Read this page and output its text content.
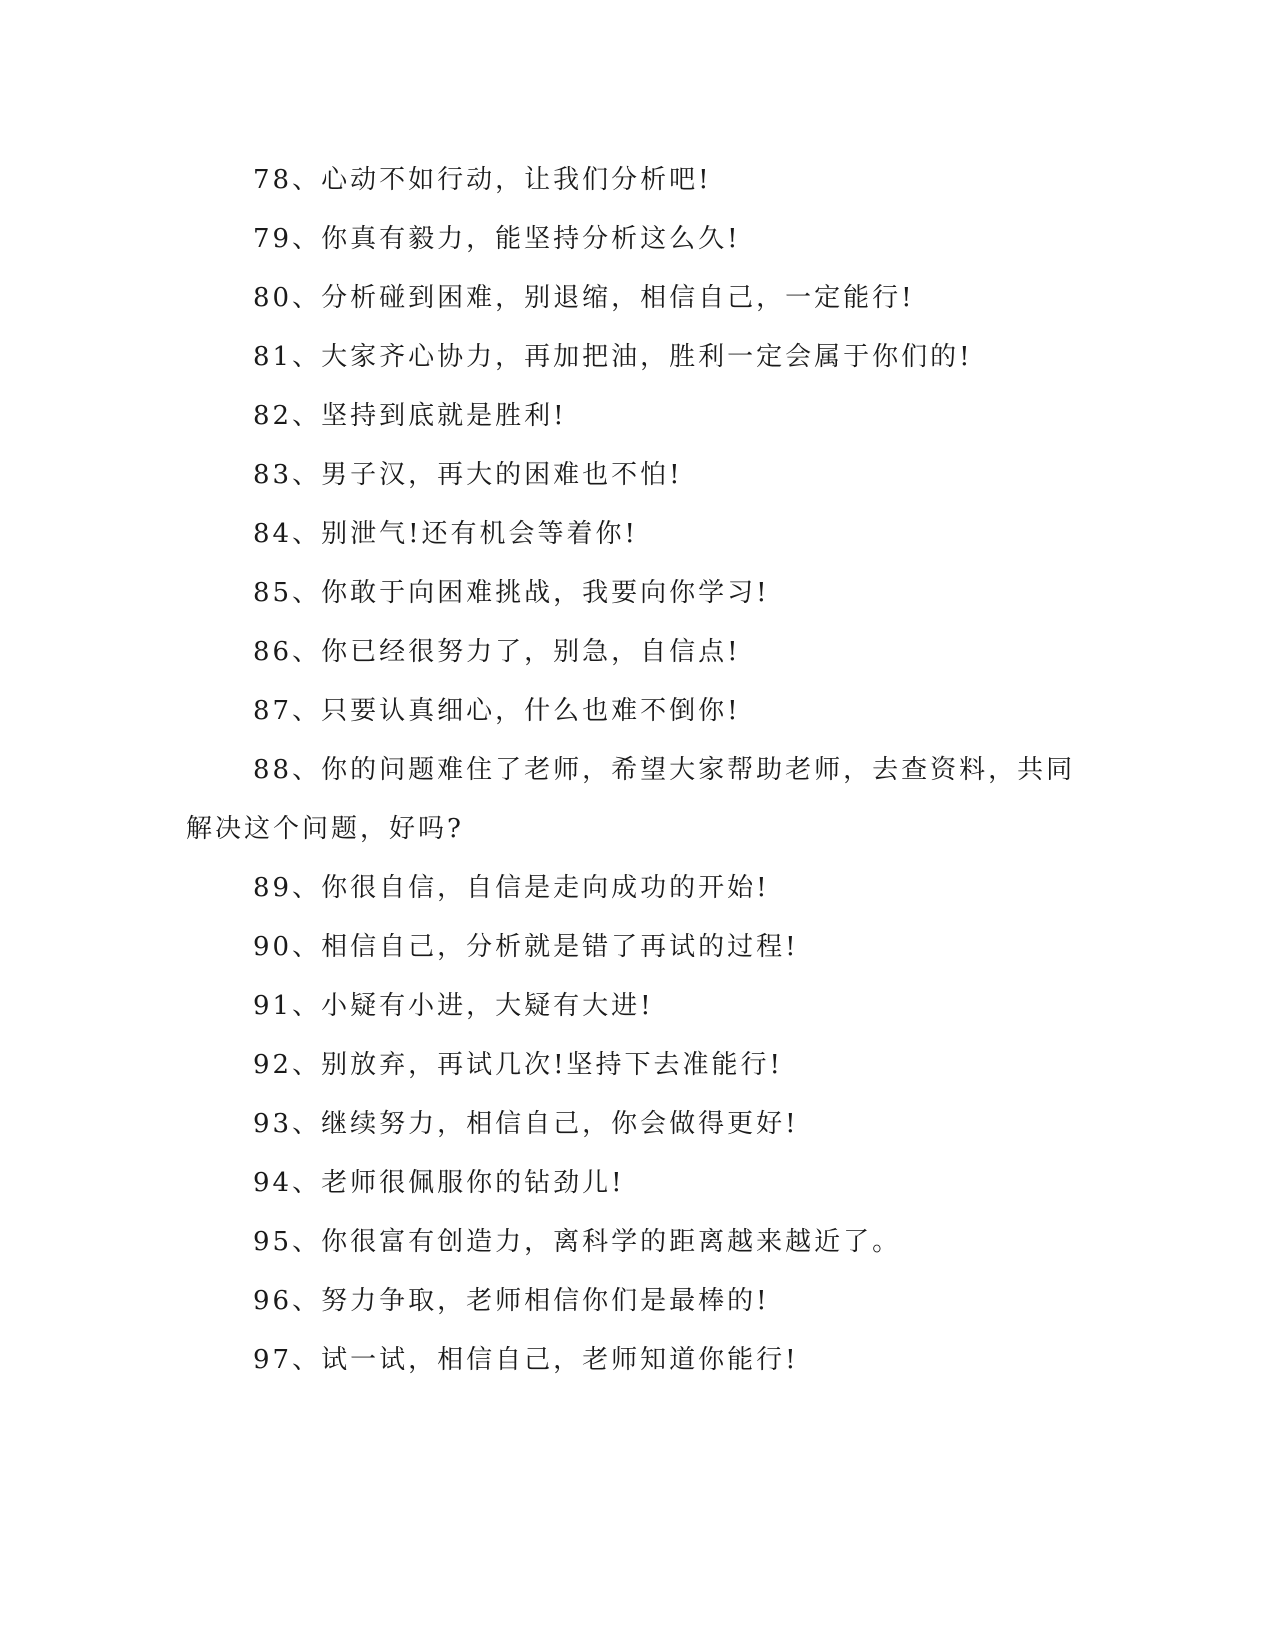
78、心动不如行动，让我们分析吧!

79、你真有毅力，能坚持分析这么久!

80、分析碰到困难，别退缩，相信自己，一定能行!

81、大家齐心协力，再加把油，胜利一定会属于你们的!

82、坚持到底就是胜利!

83、男子汉，再大的困难也不怕!

84、别泄气!还有机会等着你!

85、你敢于向困难挑战，我要向你学习!

86、你已经很努力了，别急，自信点!

87、只要认真细心，什么也难不倒你!

88、你的问题难住了老师，希望大家帮助老师，去查资料，共同解决这个问题，好吗?

89、你很自信，自信是走向成功的开始!

90、相信自己，分析就是错了再试的过程!

91、小疑有小进，大疑有大进!

92、别放弃，再试几次!坚持下去准能行!

93、继续努力，相信自己，你会做得更好!

94、老师很佩服你的钻劲儿!

95、你很富有创造力，离科学的距离越来越近了。

96、努力争取，老师相信你们是最棒的!

97、试一试，相信自己，老师知道你能行!
